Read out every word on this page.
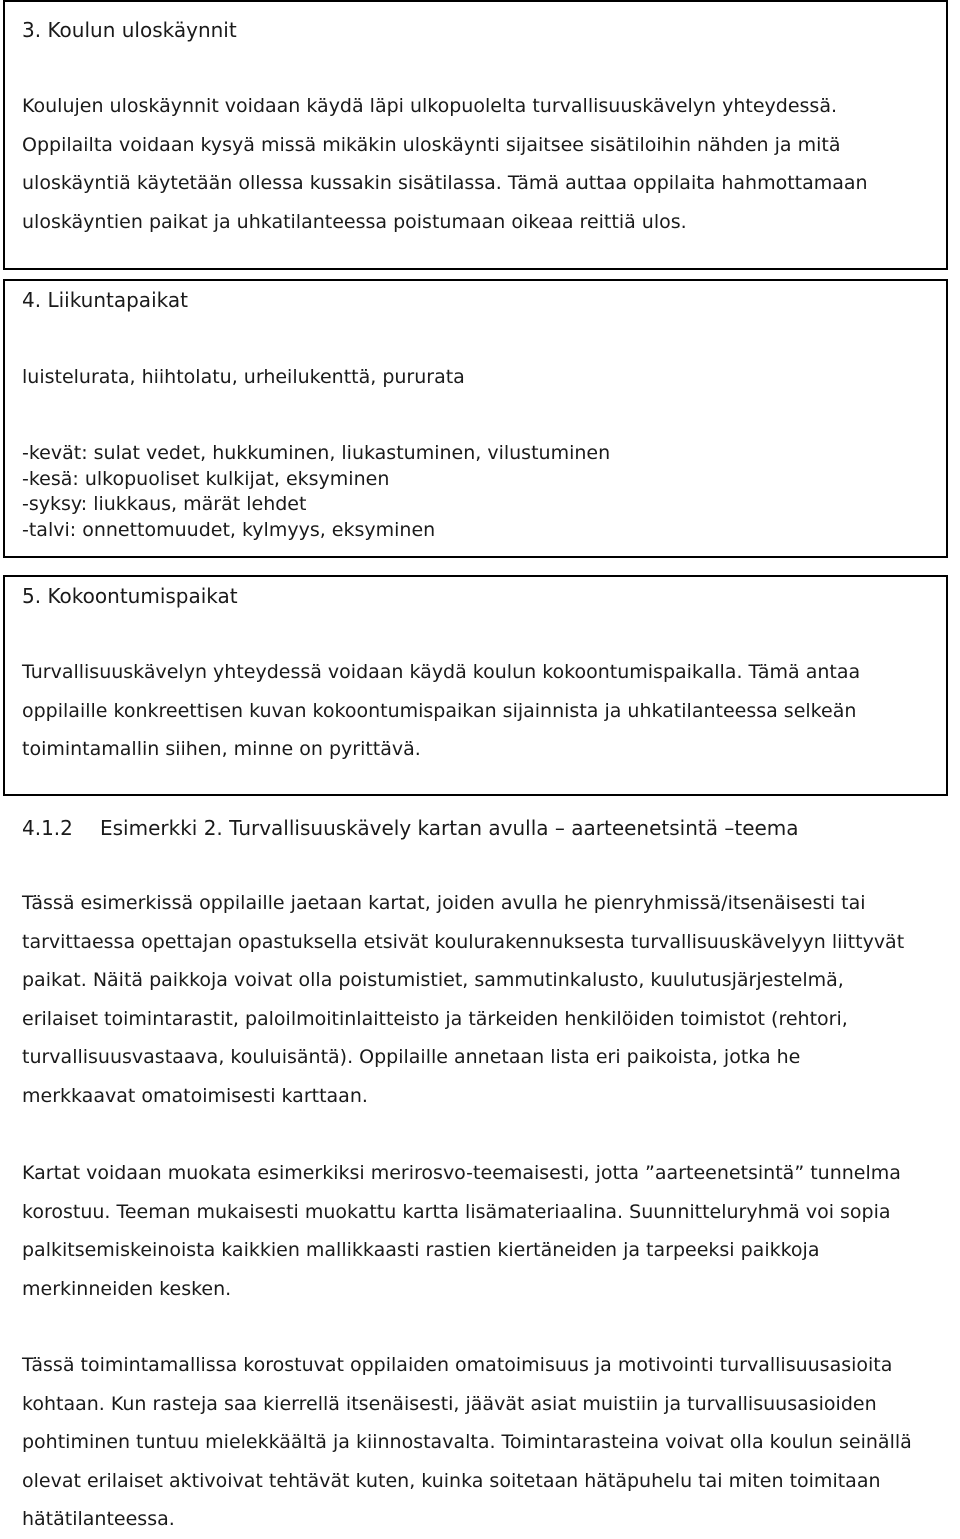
3. Koulun uloskäynnit

Koulujen uloskäynnit voidaan käydä läpi ulkopuolelta turvallisuuskävelyn yhteydessä.
Oppilailta voidaan kysyä missä mikäkin uloskäynti sijaitsee sisätiloihin nähden ja mitä
uloskäyntiä käytetään ollessa kussakin sisätilassa. Tämä auttaa oppilaita hahmottamaan
uloskäyntien paikat ja uhkatilanteessa poistumaan oikeaa reittiä ulos.

4. Liikuntapaikat

luistelurata, hiihtolatu, urheilukenttä, pururata

-kevät: sulat vedet, hukkuminen, liukastuminen, vilustuminen
-kesä: ulkopuoliset kulkijat, eksyminen
-syksy: liukkaus, märät lehdet
-talvi: onnettomuudet, kylmyys, eksyminen

5. Kokoontumispaikat

Turvallisuuskävelyn yhteydessä voidaan käydä koulun kokoontumispaikalla. Tämä antaa
oppilaille konkreettisen kuvan kokoontumispaikan sijainnista ja uhkatilanteessa selkeän
toimintamallin siihen, minne on pyrittävä.

4.1.2 Esimerkki 2. Turvallisuuskävely kartan avulla – aarteenetsintä –teema

Tässä esimerkissä oppilaille jaetaan kartat, joiden avulla he pienryhmissä/itsenäisesti tai
tarvittaessa opettajan opastuksella etsivät koulurakennuksesta turvallisuuskävelyyn liittyvät
paikat. Näitä paikkoja voivat olla poistumistiet, sammutinkalusto, kuulutusjärjestelmä,
erilaiset toimintarastit, paloilmoitinlaitteisto ja tärkeiden henkilöiden toimistot (rehtori,
turvallisuusvastaava, kouluisäntä). Oppilaille annetaan lista eri paikoista, jotka he
merkkaavat omatoimisesti karttaan.
Kartat voidaan muokata esimerkiksi merirosvo-teemaisesti, jotta ”aarteenetsintä” tunnelma
korostuu. Teeman mukaisesti muokattu kartta lisämateriaalina. Suunnitteluryhmä voi sopia
palkitsemiskeinoista kaikkien mallikkaasti rastien kiertäneiden ja tarpeeksi paikkoja
merkinneiden kesken.
Tässä toimintamallissa korostuvat oppilaiden omatoimisuus ja motivointi turvallisuusasioita
kohtaan. Kun rasteja saa kierrellä itsenäisesti, jäävät asiat muistiin ja turvallisuusasioiden
pohtiminen tuntuu mielekkäältä ja kiinnostavalta. Toimintarasteina voivat olla koulun seinällä
olevat erilaiset aktivoivat tehtävät kuten, kuinka soitetaan hätäpuhelu tai miten toimitaan
hätätilanteessa.
